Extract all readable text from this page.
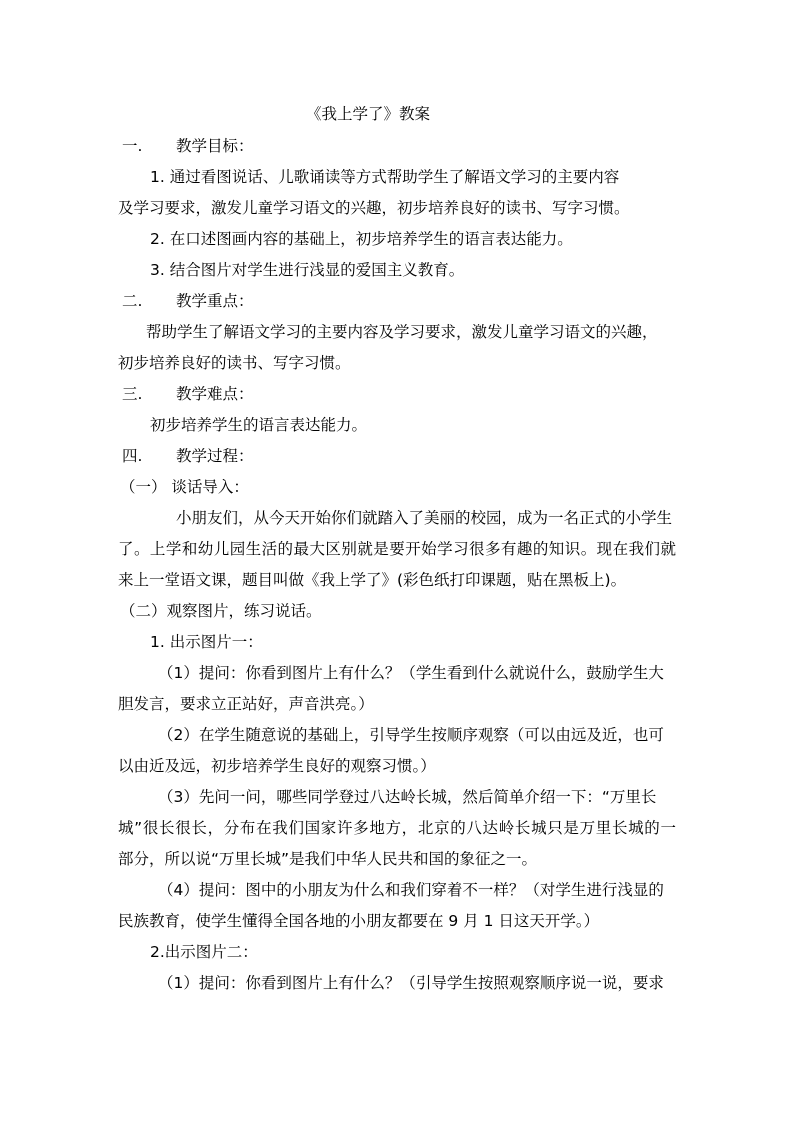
《我上学了》教案
一. 教学目标：
1. 通过看图说话、儿歌诵读等方式帮助学生了解语文学习的主要内容
及学习要求，激发儿童学习语文的兴趣，初步培养良好的读书、写字习惯。
2. 在口述图画内容的基础上，初步培养学生的语言表达能力。
3. 结合图片对学生进行浅显的爱国主义教育。
二. 教学重点：
帮助学生了解语文学习的主要内容及学习要求，激发儿童学习语文的兴趣，
初步培养良好的读书、写字习惯。
三. 教学难点：
初步培养学生的语言表达能力。
四. 教学过程：
（一） 谈话导入：
小朋友们，从今天开始你们就踏入了美丽的校园，成为一名正式的小学生
了。上学和幼儿园生活的最大区别就是要开始学习很多有趣的知识。现在我们就
来上一堂语文课，题目叫做《我上学了》(彩色纸打印课题，贴在黑板上)。
（二）观察图片，练习说话。
1. 出示图片一：
（1）提问：你看到图片上有什么？（学生看到什么就说什么，鼓励学生大
胆发言，要求立正站好，声音洪亮。）
（2）在学生随意说的基础上，引导学生按顺序观察（可以由远及近，也可
以由近及远，初步培养学生良好的观察习惯。）
（3）先问一问，哪些同学登过八达岭长城，然后简单介绍一下：“万里长
城”很长很长，分布在我们国家许多地方，北京的八达岭长城只是万里长城的一
部分，所以说“万里长城”是我们中华人民共和国的象征之一。
（4）提问：图中的小朋友为什么和我们穿着不一样？（对学生进行浅显的
民族教育，使学生懂得全国各地的小朋友都要在 9 月 1 日这天开学。）
2.出示图片二：
（1）提问：你看到图片上有什么？（引导学生按照观察顺序说一说，要求
